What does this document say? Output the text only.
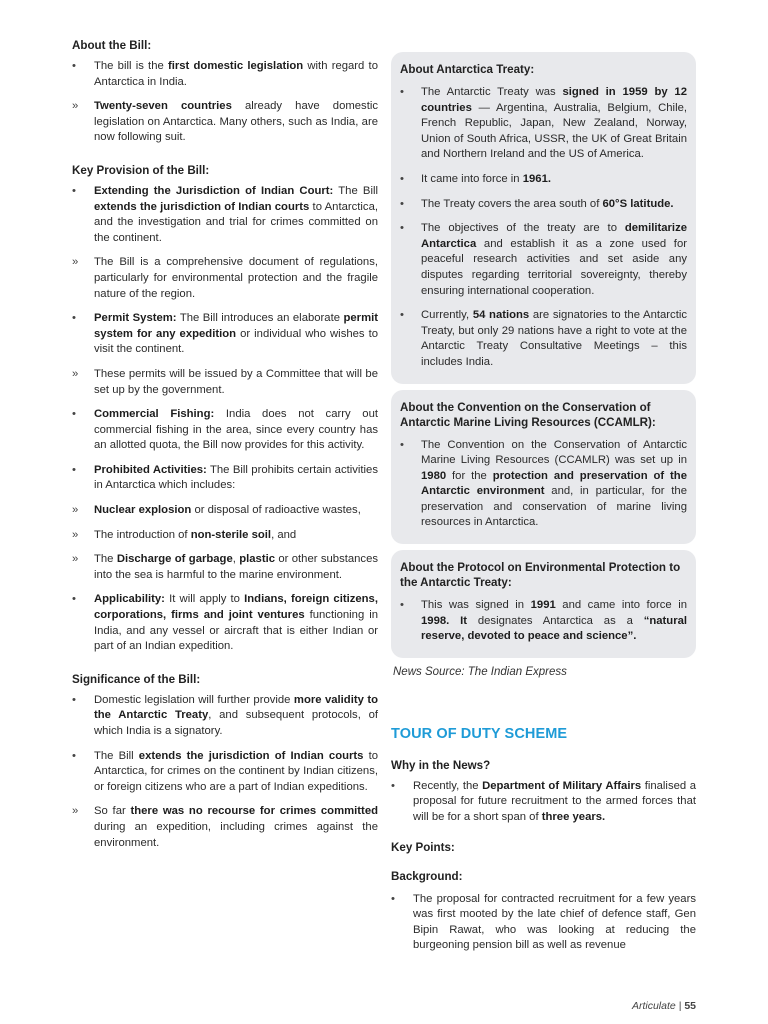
About the Bill:
•	The bill is the first domestic legislation with regard to Antarctica in India.
»	Twenty-seven countries already have domestic legislation on Antarctica. Many others, such as India, are now following suit.
Key Provision of the Bill:
•	Extending the Jurisdiction of Indian Court: The Bill extends the jurisdiction of Indian courts to Antarctica, and the investigation and trial for crimes committed on the continent.
»	The Bill is a comprehensive document of regulations, particularly for environmental protection and the fragile nature of the region.
•	Permit System: The Bill introduces an elaborate permit system for any expedition or individual who wishes to visit the continent.
»	These permits will be issued by a Committee that will be set up by the government.
•	Commercial Fishing: India does not carry out commercial fishing in the area, since every country has an allotted quota, the Bill now provides for this activity.
•	Prohibited Activities: The Bill prohibits certain activities in Antarctica which includes:
»	Nuclear explosion or disposal of radioactive wastes,
»	The introduction of non-sterile soil, and
»	The Discharge of garbage, plastic or other substances into the sea is harmful to the marine environment.
•	Applicability: It will apply to Indians, foreign citizens, corporations, firms and joint ventures functioning in India, and any vessel or aircraft that is either Indian or part of an Indian expedition.
Significance of the Bill:
•	Domestic legislation will further provide more validity to the Antarctic Treaty, and subsequent protocols, of which India is a signatory.
•	The Bill extends the jurisdiction of Indian courts to Antarctica, for crimes on the continent by Indian citizens, or foreign citizens who are a part of Indian expeditions.
»	So far there was no recourse for crimes committed during an expedition, including crimes against the environment.
About Antarctica Treaty:
•	The Antarctic Treaty was signed in 1959 by 12 countries — Argentina, Australia, Belgium, Chile, French Republic, Japan, New Zealand, Norway, Union of South Africa, USSR, the UK of Great Britain and Northern Ireland and the US of America.
•	It came into force in 1961.
•	The Treaty covers the area south of 60°S latitude.
•	The objectives of the treaty are to demilitarize Antarctica and establish it as a zone used for peaceful research activities and set aside any disputes regarding territorial sovereignty, thereby ensuring international cooperation.
•	Currently, 54 nations are signatories to the Antarctic Treaty, but only 29 nations have a right to vote at the Antarctic Treaty Consultative Meetings – this includes India.
About the Convention on the Conservation of Antarctic Marine Living Resources (CCAMLR):
•	The Convention on the Conservation of Antarctic Marine Living Resources (CCAMLR) was set up in 1980 for the protection and preservation of the Antarctic environment and, in particular, for the preservation and conservation of marine living resources in Antarctica.
About the Protocol on Environmental Protection to the Antarctic Treaty:
•	This was signed in 1991 and came into force in 1998. It designates Antarctica as a “natural reserve, devoted to peace and science”.
News Source: The Indian Express
TOUR OF DUTY SCHEME
Why in the News?
•	Recently, the Department of Military Affairs finalised a proposal for future recruitment to the armed forces that will be for a short span of three years.
Key Points:
Background:
•	The proposal for contracted recruitment for a few years was first mooted by the late chief of defence staff, Gen Bipin Rawat, who was looking at reducing the burgeoning pension bill as well as revenue
Articulate | 55
